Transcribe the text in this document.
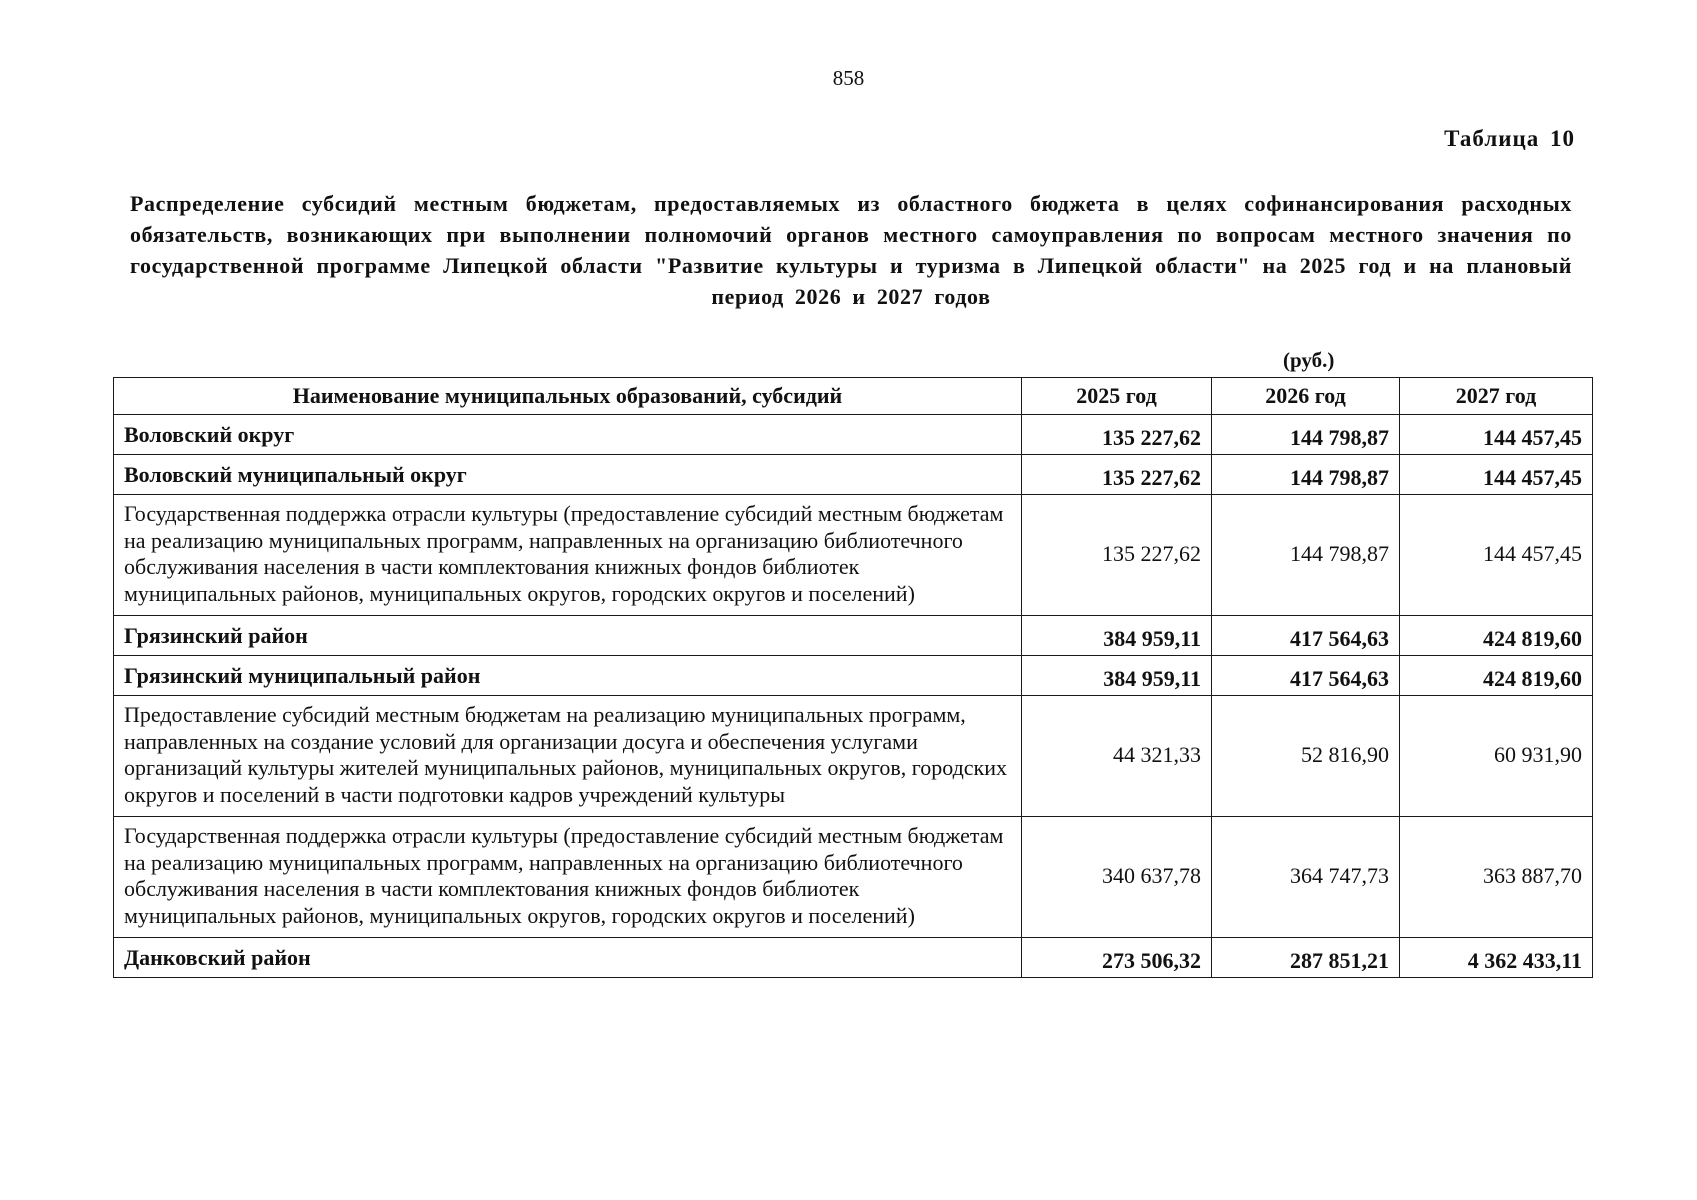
858
Таблица 10
Распределение субсидий местным бюджетам, предоставляемых из областного бюджета в целях софинансирования расходных обязательств, возникающих при выполнении полномочий органов местного самоуправления по вопросам местного значения по государственной программе Липецкой области "Развитие культуры и туризма в Липецкой области" на 2025 год и на плановый период 2026 и 2027 годов
(руб.)
Наименование муниципальных образований, субсидий	2025 год	2026 год	2027 год
Воловский округ	135 227,62	144 798,87	144 457,45
Воловский муниципальный округ	135 227,62	144 798,87	144 457,45
Государственная поддержка отрасли культуры (предоставление субсидий местным бюджетам на реализацию муниципальных программ, направленных на организацию библиотечного обслуживания населения в части комплектования книжных фондов библиотек муниципальных районов, муниципальных округов, городских округов и поселений)	135 227,62	144 798,87	144 457,45
Грязинский район	384 959,11	417 564,63	424 819,60
Грязинский муниципальный район	384 959,11	417 564,63	424 819,60
Предоставление субсидий местным бюджетам на реализацию муниципальных программ, направленных на создание условий для организации досуга и обеспечения услугами организаций культуры жителей муниципальных районов, муниципальных округов, городских округов и поселений в части подготовки кадров учреждений культуры	44 321,33	52 816,90	60 931,90
Государственная поддержка отрасли культуры (предоставление субсидий местным бюджетам на реализацию муниципальных программ, направленных на организацию библиотечного обслуживания населения в части комплектования книжных фондов библиотек муниципальных районов, муниципальных округов, городских округов и поселений)	340 637,78	364 747,73	363 887,70
Данковский район	273 506,32	287 851,21	4 362 433,11
